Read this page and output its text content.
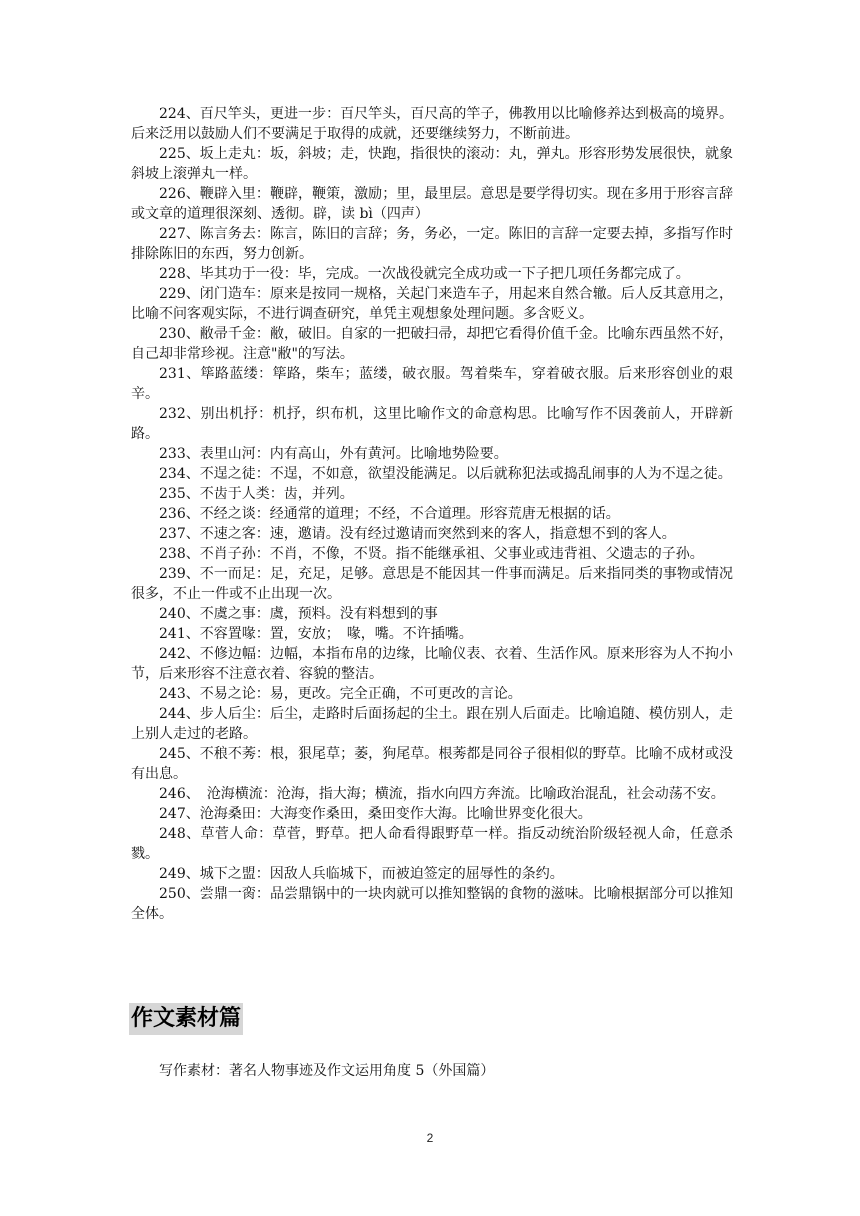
224、百尺竿头，更进一步：百尺竿头，百尺高的竿子，佛教用以比喻修养达到极高的境界。后来泛用以鼓励人们不要满足于取得的成就，还要继续努力，不断前进。

225、坂上走丸：坂，斜坡；走，快跑，指很快的滚动：丸，弹丸。形容形势发展很快，就象斜坡上滚弹丸一样。

226、鞭辟入里：鞭辟，鞭策，激励；里，最里层。意思是要学得切实。现在多用于形容言辞或文章的道理很深刻、透彻。辟，读 bì（四声）

227、陈言务去：陈言，陈旧的言辞；务，务必，一定。陈旧的言辞一定要去掉，多指写作时排除陈旧的东西，努力创新。

228、毕其功于一役：毕，完成。一次战役就完全成功或一下子把几项任务都完成了。

229、闭门造车：原来是按同一规格，关起门来造车子，用起来自然合辙。后人反其意用之，比喻不问客观实际，不进行调查研究，单凭主观想象处理问题。多含贬义。

230、敝帚千金：敝，破旧。自家的一把破扫帚，却把它看得价值千金。比喻东西虽然不好，自己却非常珍视。注意"敝"的写法。

231、筚路蓝缕：筚路，柴车；蓝缕，破衣服。驾着柴车，穿着破衣服。后来形容创业的艰辛。

232、别出机抒：机抒，织布机，这里比喻作文的命意构思。比喻写作不因袭前人，开辟新路。

233、表里山河：内有高山，外有黄河。比喻地势险要。

234、不逞之徒：不逞，不如意，欲望没能满足。以后就称犯法或捣乱闹事的人为不逞之徒。

235、不齿于人类：齿，并列。

236、不经之谈：经通常的道理；不经，不合道理。形容荒唐无根据的话。

237、不速之客：速，邀请。没有经过邀请而突然到来的客人，指意想不到的客人。

238、不肖子孙：不肖，不像，不贤。指不能继承祖、父事业或违背祖、父遗志的子孙。

239、不一而足：足，充足，足够。意思是不能因其一件事而满足。后来指同类的事物或情况很多，不止一件或不止出现一次。

240、不虞之事：虞，预料。没有料想到的事

241、不容置喙：置，安放；　喙，嘴。不许插嘴。

242、不修边幅：边幅，本指布帛的边缘，比喻仪表、衣着、生活作风。原来形容为人不拘小节，后来形容不注意衣着、容貌的整洁。

243、不易之论：易，更改。完全正确，不可更改的言论。

244、步人后尘：后尘，走路时后面扬起的尘土。跟在别人后面走。比喻追随、模仿别人，走上别人走过的老路。

245、不稂不莠：根，狠尾草；萎，狗尾草。根莠都是同谷子很相似的野草。比喻不成材或没有出息。

246、　沧海横流：沧海，指大海；横流，指水向四方奔流。比喻政治混乱，社会动荡不安。

247、沧海桑田：大海变作桑田，桑田变作大海。比喻世界变化很大。

248、草菅人命：草菅，野草。把人命看得跟野草一样。指反动统治阶级轻视人命，任意杀戮。

249、城下之盟：因敌人兵临城下，而被迫签定的屈辱性的条约。

250、尝鼎一脔：品尝鼎锅中的一块肉就可以推知整锅的食物的滋味。比喻根据部分可以推知全体。

作文素材篇

写作素材：著名人物事迹及作文运用角度 5（外国篇）

2
